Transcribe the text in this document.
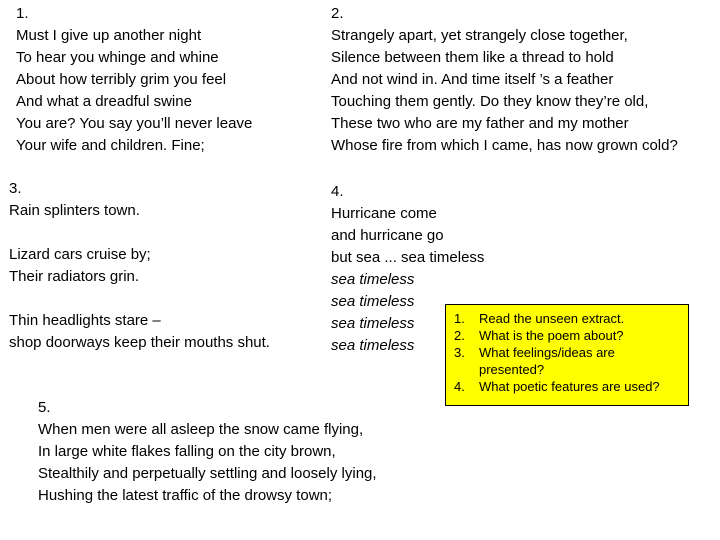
1.
Must I give up another night
To hear you whinge and whine
About how terribly grim you feel
And what a dreadful swine
You are? You say you’ll never leave
Your wife and children. Fine;
2.
Strangely apart, yet strangely close together,
Silence between them like a thread to hold
And not wind in. And time itself ’s a feather
Touching them gently. Do they know they’re old,
These two who are my father and my mother
Whose fire from which I came, has now grown cold?
3.
Rain splinters town.
Lizard cars cruise by;
Their radiators grin.
Thin headlights stare –
shop doorways keep their mouths shut.
4.
Hurricane come
and hurricane go
but sea ... sea timeless
sea timeless
sea timeless
sea timeless
sea timeless
5.
When men were all asleep the snow came flying,
In large white flakes falling on the city brown,
Stealthily and perpetually settling and loosely lying,
Hushing the latest traffic of the drowsy town;
1. Read the unseen extract.
2. What is the poem about?
3. What feelings/ideas are presented?
4. What poetic features are used?
